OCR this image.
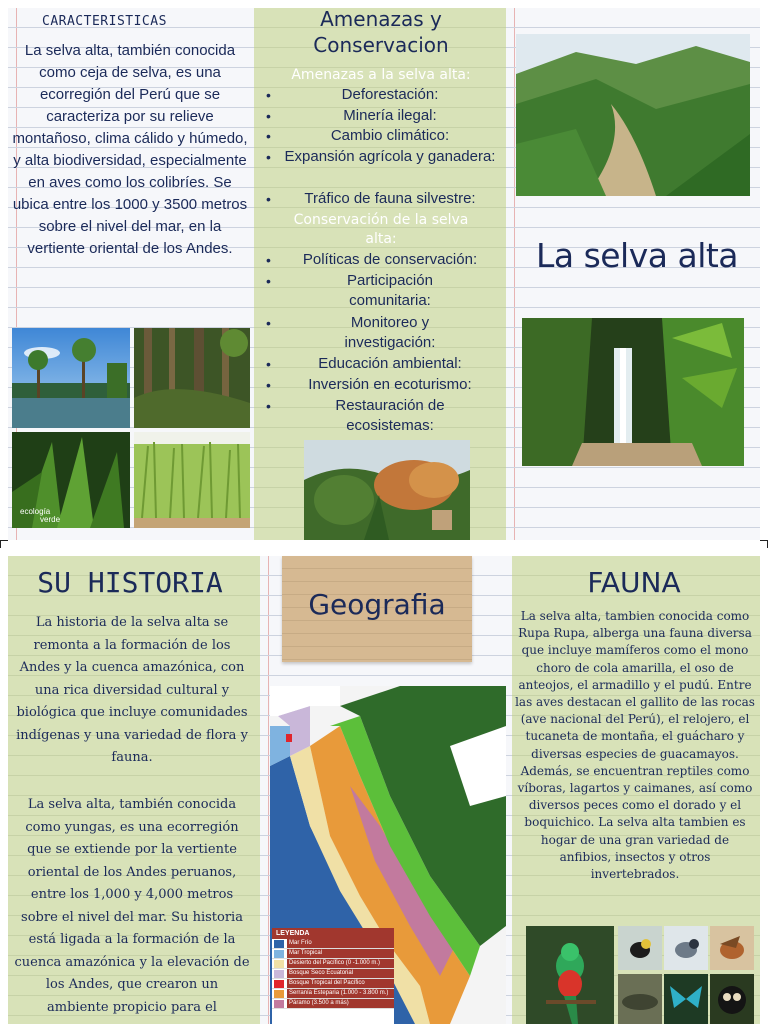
CARACTERISTICAS
La selva alta, también conocida como ceja de selva, es una ecorregión del Perú que se caracteriza por su relieve montañoso, clima cálido y húmedo, y alta biodiversidad, especialmente en aves como los colibríes. Se ubica entre los 1000 y 3500 metros sobre el nivel del mar, en la vertiente oriental de los Andes.
ecología
verde
Amenazas y
Conservacion
Amenazas a la selva alta:
•	Deforestación:
•	Minería ilegal:
•	Cambio climático:
• Expansión agrícola y ganadera:
•	Tráfico de fauna silvestre:
Conservación de la selva alta:
•	Políticas de conservación:
•	Participación comunitaria:
•	Monitoreo y investigación:
•	Educación ambiental:
•	Inversión en ecoturismo:
•	Restauración de ecosistemas:
La selva alta
SU HISTORIA
La historia de la selva alta se remonta a la formación de los Andes y la cuenca amazónica, con una rica diversidad cultural y biológica que incluye comunidades indígenas y una variedad de flora y fauna.
La selva alta, también conocida como yungas, es una ecorregión que se extiende por la vertiente oriental de los Andes peruanos, entre los 1,000 y 4,000 metros sobre el nivel del mar. Su historia está ligada a la formación de la cuenca amazónica y la elevación de los Andes, que crearon un ambiente propicio para el
Geografia
LEYENDA
Mar Frío
Mar Tropical
Desierto del Pacífico (0 -1.000 m.)
Bosque Seco Ecuatorial
Bosque Tropical del Pacífico
Serranía Esteparia (1.000 - 3.800 m.)
Páramo (3.500 a más)
FAUNA
La selva alta, tambien conocida como Rupa Rupa, alberga una fauna diversa que incluye mamíferos como el mono choro de cola amarilla, el oso de anteojos, el armadillo y el pudú. Entre las aves destacan el gallito de las rocas (ave nacional del Perú), el relojero, el tucaneta de montaña, el guácharo y diversas especies de guacamayos. Además, se encuentran reptiles como víboras, lagartos y caimanes, así como diversos peces como el dorado y el boquichico. La selva alta tambien es hogar de una gran variedad de anfibios, insectos y otros invertebrados.
